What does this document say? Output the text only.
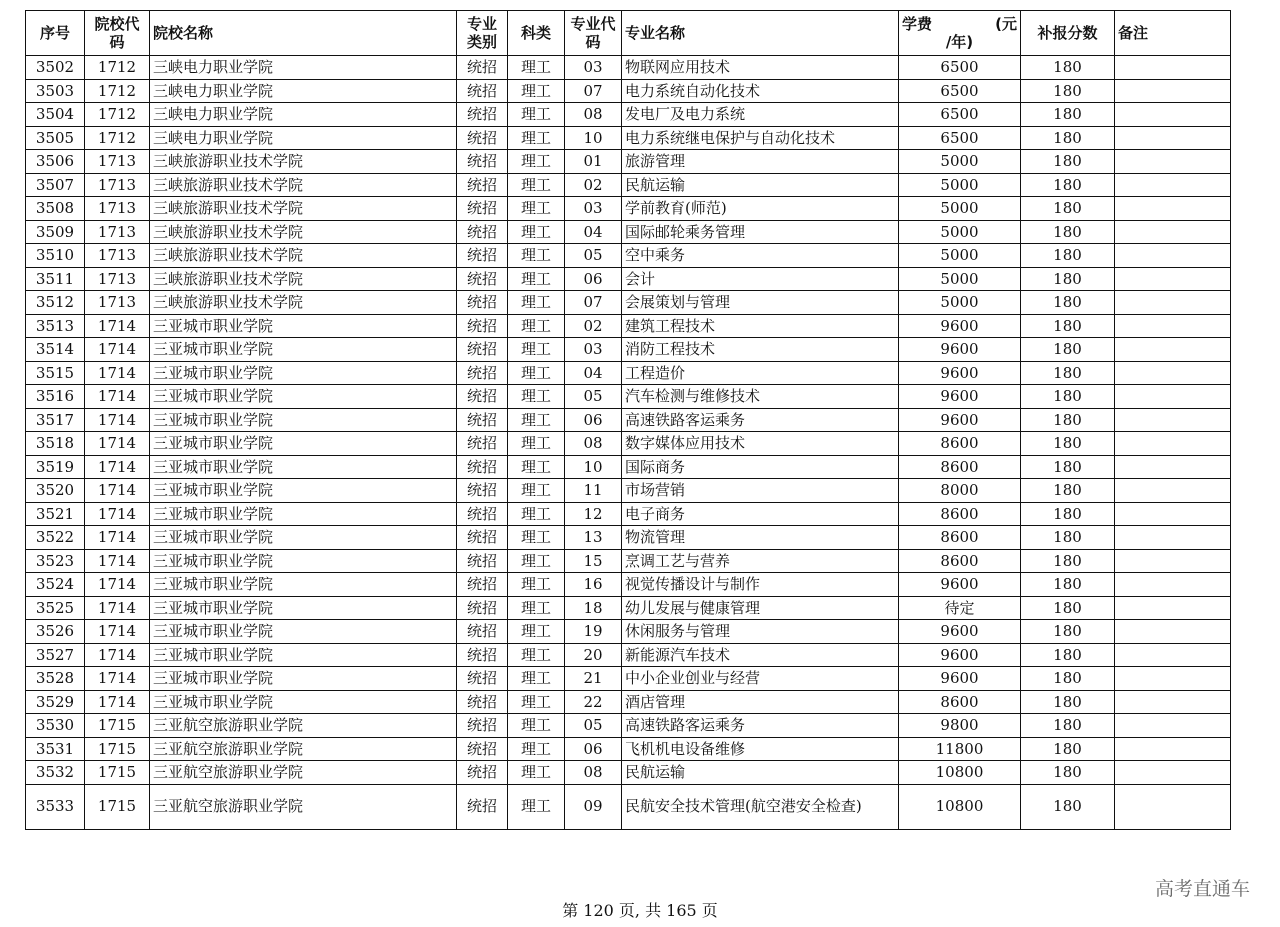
序号	院校代码	院校名称	专业类别	科类	专业代码	专业名称	学费 (元
/年)	补报分数	备注
3502	1712	三峡电力职业学院	统招	理工	03	物联网应用技术	6500	180	
3503	1712	三峡电力职业学院	统招	理工	07	电力系统自动化技术	6500	180	
3504	1712	三峡电力职业学院	统招	理工	08	发电厂及电力系统	6500	180	
3505	1712	三峡电力职业学院	统招	理工	10	电力系统继电保护与自动化技术	6500	180	
3506	1713	三峡旅游职业技术学院	统招	理工	01	旅游管理	5000	180	
3507	1713	三峡旅游职业技术学院	统招	理工	02	民航运输	5000	180	
3508	1713	三峡旅游职业技术学院	统招	理工	03	学前教育(师范)	5000	180	
3509	1713	三峡旅游职业技术学院	统招	理工	04	国际邮轮乘务管理	5000	180	
3510	1713	三峡旅游职业技术学院	统招	理工	05	空中乘务	5000	180	
3511	1713	三峡旅游职业技术学院	统招	理工	06	会计	5000	180	
3512	1713	三峡旅游职业技术学院	统招	理工	07	会展策划与管理	5000	180	
3513	1714	三亚城市职业学院	统招	理工	02	建筑工程技术	9600	180	
3514	1714	三亚城市职业学院	统招	理工	03	消防工程技术	9600	180	
3515	1714	三亚城市职业学院	统招	理工	04	工程造价	9600	180	
3516	1714	三亚城市职业学院	统招	理工	05	汽车检测与维修技术	9600	180	
3517	1714	三亚城市职业学院	统招	理工	06	高速铁路客运乘务	9600	180	
3518	1714	三亚城市职业学院	统招	理工	08	数字媒体应用技术	8600	180	
3519	1714	三亚城市职业学院	统招	理工	10	国际商务	8600	180	
3520	1714	三亚城市职业学院	统招	理工	11	市场营销	8000	180	
3521	1714	三亚城市职业学院	统招	理工	12	电子商务	8600	180	
3522	1714	三亚城市职业学院	统招	理工	13	物流管理	8600	180	
3523	1714	三亚城市职业学院	统招	理工	15	烹调工艺与营养	8600	180	
3524	1714	三亚城市职业学院	统招	理工	16	视觉传播设计与制作	9600	180	
3525	1714	三亚城市职业学院	统招	理工	18	幼儿发展与健康管理	待定	180	
3526	1714	三亚城市职业学院	统招	理工	19	休闲服务与管理	9600	180	
3527	1714	三亚城市职业学院	统招	理工	20	新能源汽车技术	9600	180	
3528	1714	三亚城市职业学院	统招	理工	21	中小企业创业与经营	9600	180	
3529	1714	三亚城市职业学院	统招	理工	22	酒店管理	8600	180	
3530	1715	三亚航空旅游职业学院	统招	理工	05	高速铁路客运乘务	9800	180	
3531	1715	三亚航空旅游职业学院	统招	理工	06	飞机机电设备维修	11800	180	
3532	1715	三亚航空旅游职业学院	统招	理工	08	民航运输	10800	180	
3533	1715	三亚航空旅游职业学院	统招	理工	09	民航安全技术管理(航空港安全检查)	10800	180	
高考直通车
第 120 页, 共 165 页
